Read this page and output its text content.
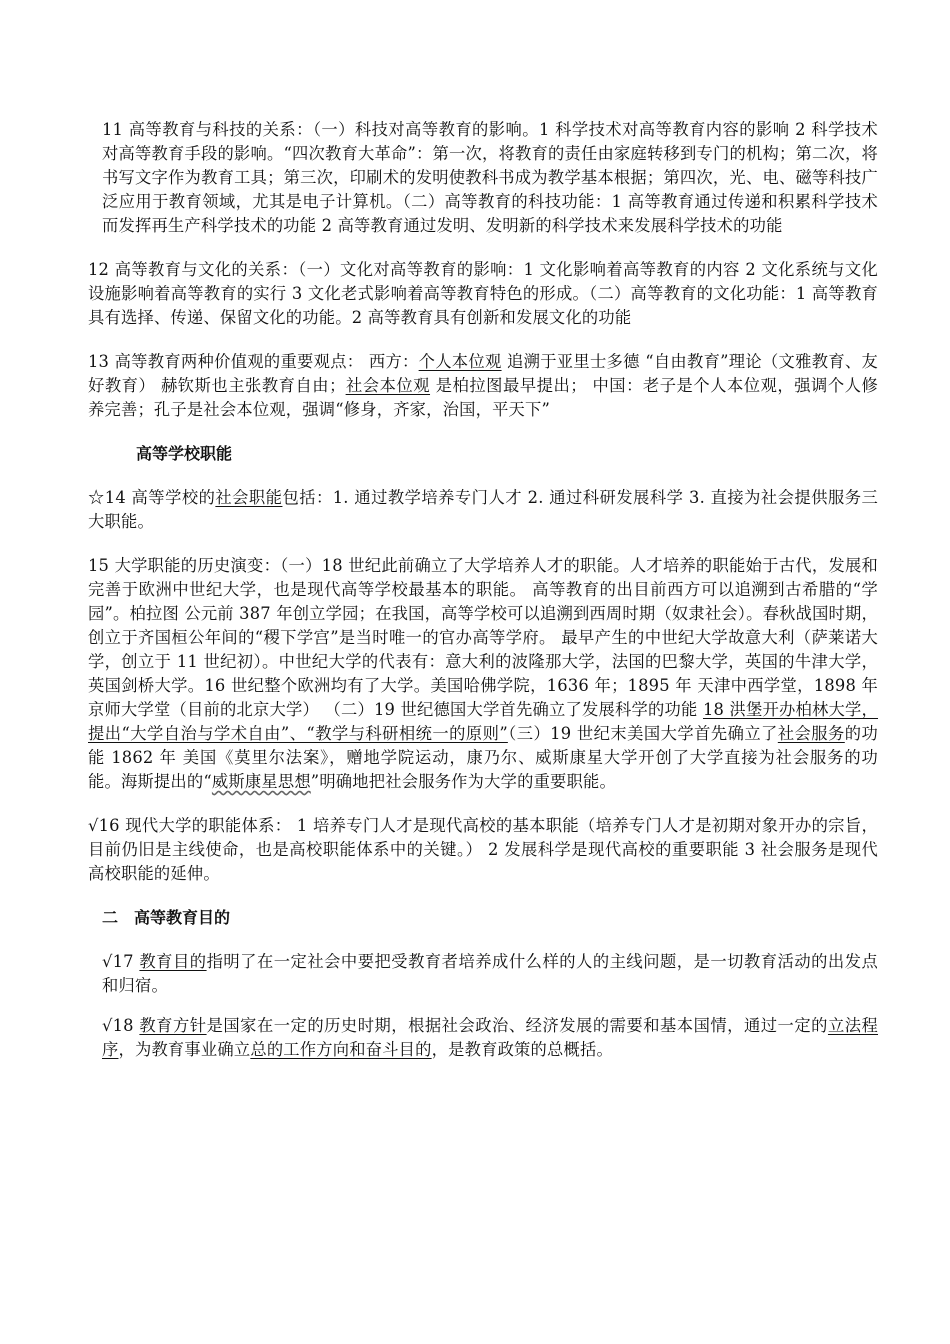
11 高等教育与科技的关系：（一）科技对高等教育的影响。1 科学技术对高等教育内容的影响 2 科学技术对高等教育手段的影响。“四次教育大革命”：第一次，将教育的责任由家庭转移到专门的机构；第二次，将书写文字作为教育工具；第三次，印刷术的发明使教科书成为教学基本根据；第四次，光、电、磁等科技广泛应用于教育领域，尤其是电子计算机。（二）高等教育的科技功能：1 高等教育通过传递和积累科学技术而发挥再生产科学技术的功能 2 高等教育通过发明、发明新的科学技术来发展科学技术的功能

12 高等教育与文化的关系：（一）文化对高等教育的影响：1 文化影响着高等教育的内容 2 文化系统与文化设施影响着高等教育的实行 3 文化老式影响着高等教育特色的形成。（二）高等教育的文化功能：1 高等教育具有选择、传递、保留文化的功能。2 高等教育具有创新和发展文化的功能

13 高等教育两种价值观的重要观点： 西方：个人本位观 追溯于亚里士多德 “自由教育”理论（文雅教育、友好教育） 赫钦斯也主张教育自由；社会本位观 是柏拉图最早提出； 中国：老子是个人本位观，强调个人修养完善；孔子是社会本位观，强调“修身，齐家，治国，平天下”

高等学校职能

☆14 高等学校的社会职能包括：1. 通过教学培养专门人才 2. 通过科研发展科学 3. 直接为社会提供服务三大职能。

15 大学职能的历史演变：（一）18 世纪此前确立了大学培养人才的职能。人才培养的职能始于古代，发展和完善于欧洲中世纪大学，也是现代高等学校最基本的职能。 高等教育的出目前西方可以追溯到古希腊的“学园”。柏拉图 公元前 387 年创立学园；在我国，高等学校可以追溯到西周时期（奴隶社会）。春秋战国时期，创立于齐国桓公年间的“稷下学宫”是当时唯一的官办高等学府。 最早产生的中世纪大学故意大利（萨莱诺大学，创立于 11 世纪初）。中世纪大学的代表有：意大利的波隆那大学，法国的巴黎大学，英国的牛津大学，英国剑桥大学。16 世纪整个欧洲均有了大学。美国哈佛学院，1636 年；1895 年 天津中西学堂，1898 年 京师大学堂（目前的北京大学） （二）19 世纪德国大学首先确立了发展科学的功能 18 洪堡开办柏林大学，提出“大学自治与学术自由”、“教学与科研相统一的原则”（三）19 世纪末美国大学首先确立了社会服务的功能 1862 年 美国《莫里尔法案》，赠地学院运动，康乃尔、威斯康星大学开创了大学直接为社会服务的功能。海斯提出的“威斯康星思想”明确地把社会服务作为大学的重要职能。

√16 现代大学的职能体系： 1 培养专门人才是现代高校的基本职能（培养专门人才是初期对象开办的宗旨，目前仍旧是主线使命，也是高校职能体系中的关键。） 2 发展科学是现代高校的重要职能 3 社会服务是现代高校职能的延伸。

二　高等教育目的

√17 教育目的指明了在一定社会中要把受教育者培养成什么样的人的主线问题，是一切教育活动的出发点和归宿。

√18 教育方针是国家在一定的历史时期，根据社会政治、经济发展的需要和基本国情，通过一定的立法程序，为教育事业确立总的工作方向和奋斗目的，是教育政策的总概括。
